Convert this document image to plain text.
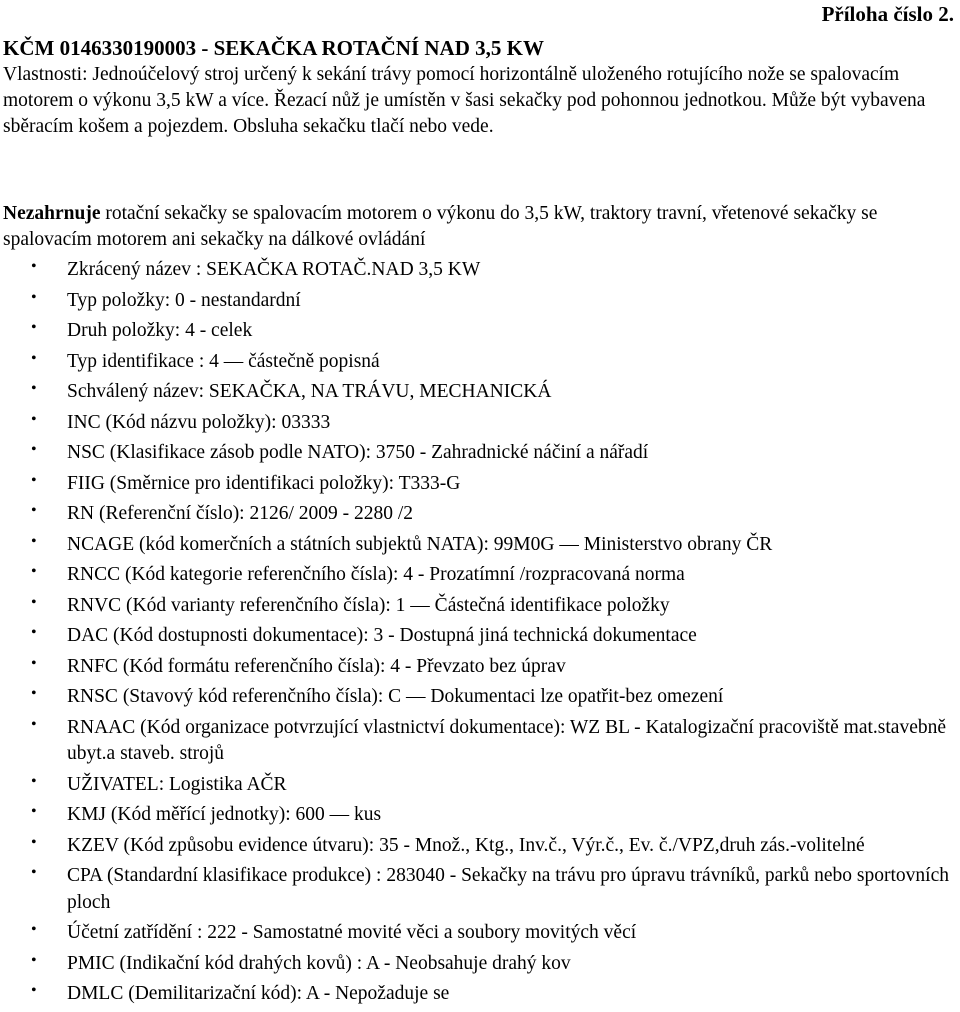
Příloha číslo 2.
KČM 0146330190003 - SEKAČKA ROTAČNÍ NAD 3,5 KW

Vlastnosti: Jednoúčelový stroj určený k sekání trávy pomocí horizontálně uloženého rotujícího nože se spalovacím motorem o výkonu 3,5 kW a více. Řezací nůž je umístěn v šasi sekačky pod pohonnou jednotkou. Může být vybavena sběracím košem a pojezdem. Obsluha sekačku tlačí nebo vede.

Nezahrnuje rotační sekačky se spalovacím motorem o výkonu do 3,5 kW, traktory travní, vřetenové sekačky se spalovacím motorem ani sekačky na dálkové ovládání
• Zkrácený název : SEKAČKA ROTAČ.NAD 3,5 KW
• Typ položky: 0 - nestandardní
• Druh položky: 4 - celek
• Typ identifikace : 4 — částečně popisná
• Schválený název: SEKAČKA, NA TRÁVU, MECHANICKÁ
• INC (Kód názvu položky): 03333
• NSC (Klasifikace zásob podle NATO): 3750 - Zahradnické náčiní a nářadí
• FIIG (Směrnice pro identifikaci položky): T333-G
• RN (Referenční číslo): 2126/ 2009 - 2280 /2
• NCAGE (kód komerčních a státních subjektů NATA): 99M0G — Ministerstvo obrany ČR
• RNCC (Kód kategorie referenčního čísla): 4 - Prozatímní /rozpracovaná norma
• RNVC (Kód varianty referenčního čísla): 1 — Částečná identifikace položky
• DAC (Kód dostupnosti dokumentace): 3 - Dostupná jiná technická dokumentace
• RNFC (Kód formátu referenčního čísla): 4 - Převzato bez úprav
• RNSC (Stavový kód referenčního čísla): C — Dokumentaci lze opatřit-bez omezení
• RNAAC (Kód organizace potvrzující vlastnictví dokumentace): WZ BL - Katalogizační pracoviště mat.stavebně ubyt.a staveb. strojů
• UŽIVATEL: Logistika AČR
• KMJ (Kód měřící jednotky): 600 — kus
• KZEV (Kód způsobu evidence útvaru): 35 - Množ., Ktg., Inv.č., Výr.č., Ev. č./VPZ,druh zás.-volitelné
• CPA (Standardní klasifikace produkce) : 283040 - Sekačky na trávu pro úpravu trávníků, parků nebo sportovních ploch
• Účetní zatřídění : 222 - Samostatné movité věci a soubory movitých věcí
• PMIC (Indikační kód drahých kovů) : A - Neobsahuje drahý kov
• DMLC (Demilitarizační kód): A - Nepožaduje se
